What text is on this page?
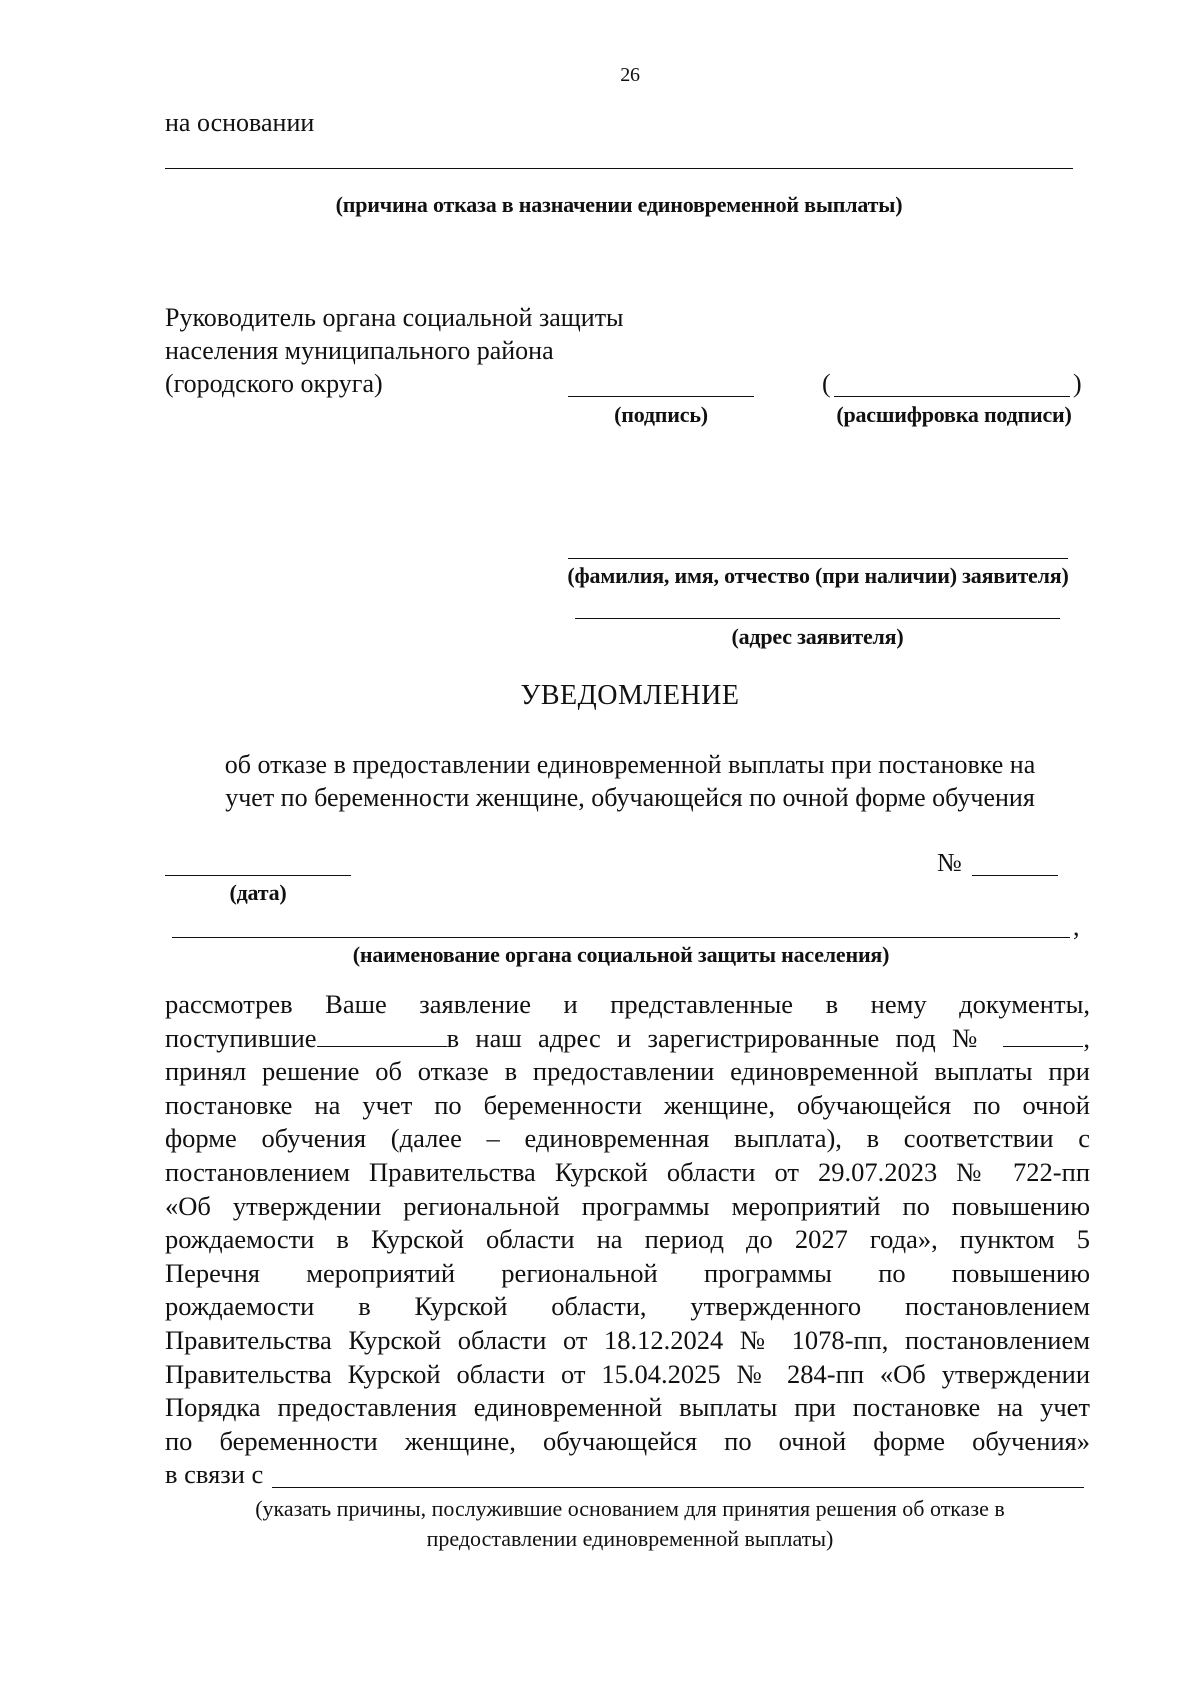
26
на основании
(причина отказа в назначении единовременной выплаты)
Руководитель органа социальной защиты
населения муниципального района
(городского округа)
(подпись)
(	)
(расшифровка подписи)
(фамилия, имя, отчество (при наличии) заявителя)
(адрес заявителя)
УВЕДОМЛЕНИЕ
об отказе в предоставлении единовременной выплаты при постановке на
учет по беременности женщине, обучающейся по очной форме обучения
(дата)
№
,
(наименование органа социальной защиты населения)
рассмотрев Ваше заявление и представленные в нему документы,
поступившие	в наш адрес и зарегистрированные под №	,
принял решение об отказе в предоставлении единовременной выплаты при
постановке на учет по беременности женщине, обучающейся по очной
форме обучения (далее – единовременная выплата), в соответствии с
постановлением Правительства Курской области от 29.07.2023 № 722-пп
«Об утверждении региональной программы мероприятий по повышению
рождаемости в Курской области на период до 2027 года», пунктом 5
Перечня мероприятий региональной программы по повышению
рождаемости в Курской области, утвержденного постановлением
Правительства Курской области от 18.12.2024 № 1078-пп, постановлением
Правительства Курской области от 15.04.2025 № 284-пп «Об утверждении
Порядка предоставления единовременной выплаты при постановке на учет
по беременности женщине, обучающейся по очной форме обучения»
в связи с
(указать причины, послужившие основанием для принятия решения об отказе в
предоставлении единовременной выплаты)
